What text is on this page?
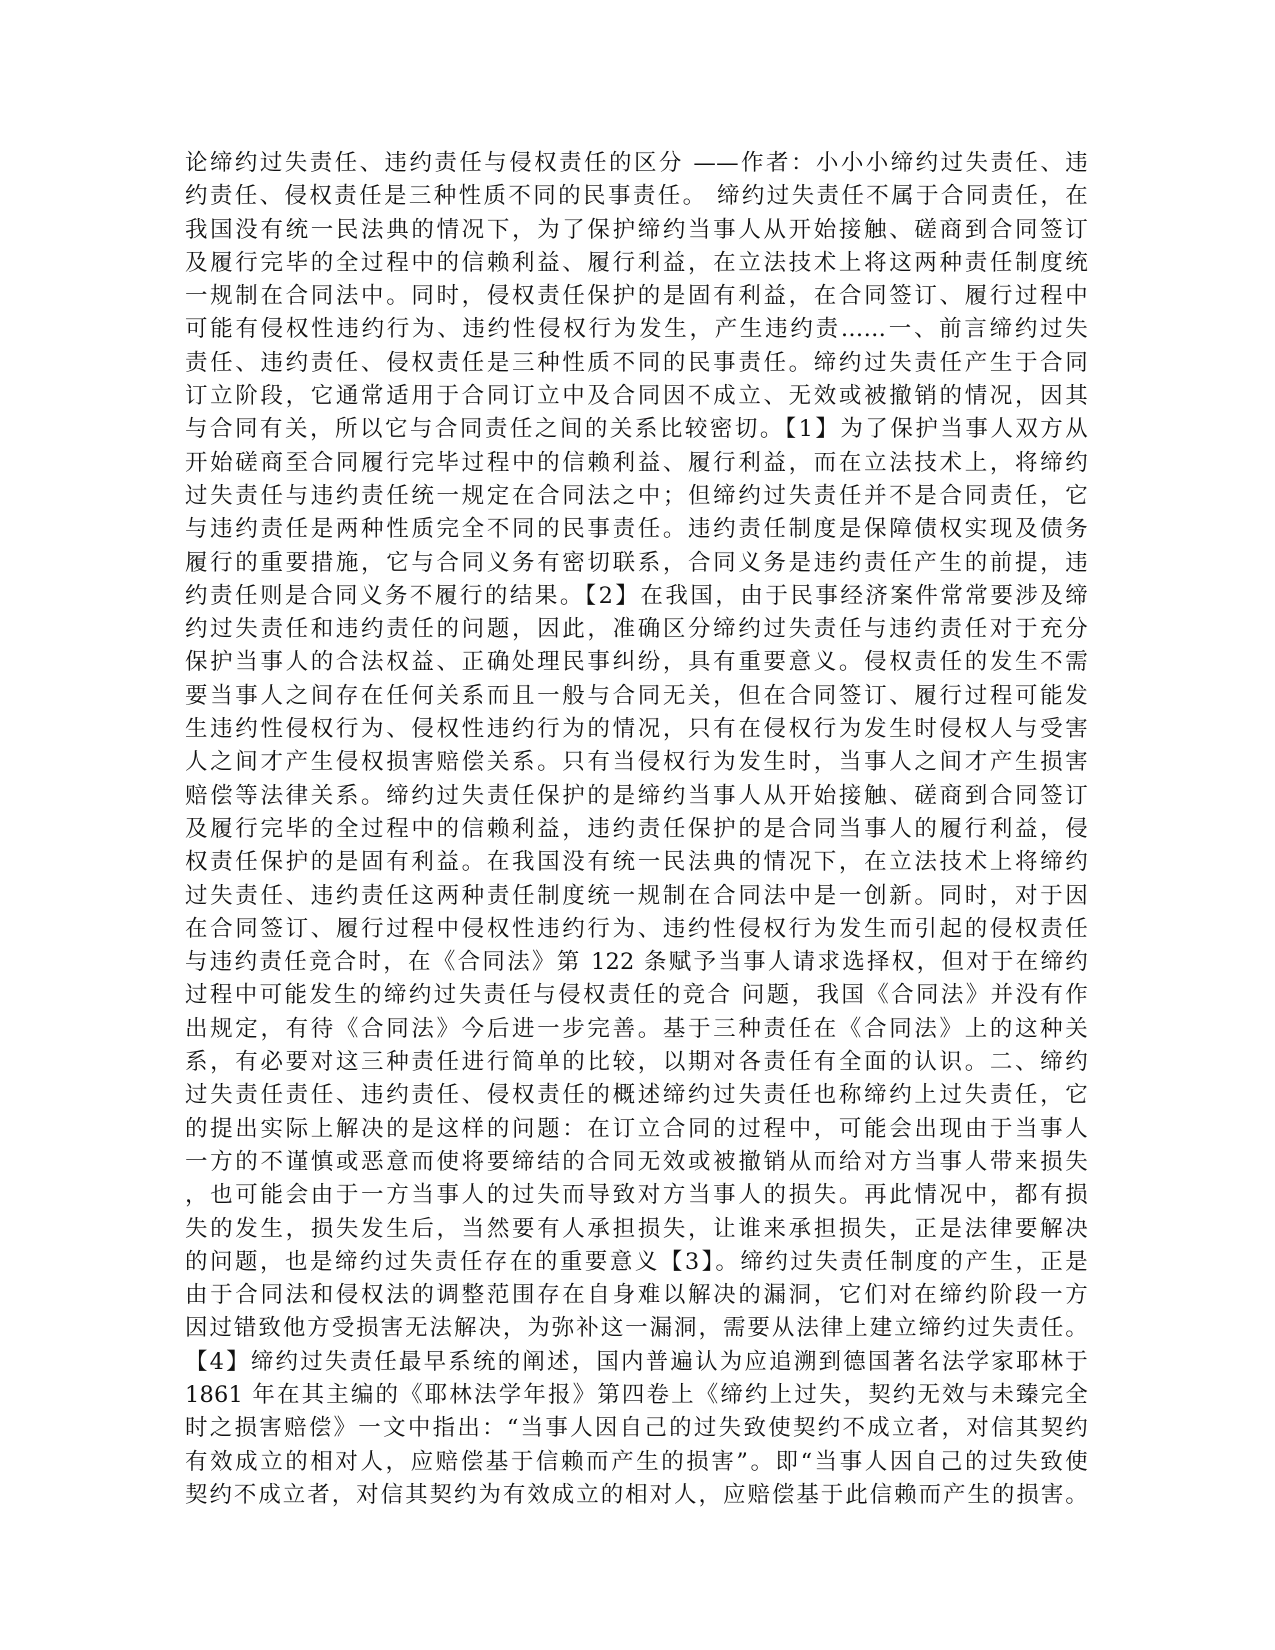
论缔约过失责任、违约责任与侵权责任的区分 ——作者：小小小缔约过失责任、违
约责任、侵权责任是三种性质不同的民事责任。 缔约过失责任不属于合同责任，在
我国没有统一民法典的情况下，为了保护缔约当事人从开始接触、磋商到合同签订
及履行完毕的全过程中的信赖利益、履行利益，在立法技术上将这两种责任制度统
一规制在合同法中。同时，侵权责任保护的是固有利益，在合同签订、履行过程中
可能有侵权性违约行为、违约性侵权行为发生，产生违约责……一、前言缔约过失
责任、违约责任、侵权责任是三种性质不同的民事责任。缔约过失责任产生于合同
订立阶段，它通常适用于合同订立中及合同因不成立、无效或被撤销的情况，因其
与合同有关，所以它与合同责任之间的关系比较密切。【1】为了保护当事人双方从
开始磋商至合同履行完毕过程中的信赖利益、履行利益，而在立法技术上，将缔约
过失责任与违约责任统一规定在合同法之中；但缔约过失责任并不是合同责任，它
与违约责任是两种性质完全不同的民事责任。违约责任制度是保障债权实现及债务
履行的重要措施，它与合同义务有密切联系，合同义务是违约责任产生的前提，违
约责任则是合同义务不履行的结果。【2】在我国，由于民事经济案件常常要涉及缔
约过失责任和违约责任的问题，因此，准确区分缔约过失责任与违约责任对于充分
保护当事人的合法权益、正确处理民事纠纷，具有重要意义。侵权责任的发生不需
要当事人之间存在任何关系而且一般与合同无关，但在合同签订、履行过程可能发
生违约性侵权行为、侵权性违约行为的情况，只有在侵权行为发生时侵权人与受害
人之间才产生侵权损害赔偿关系。只有当侵权行为发生时，当事人之间才产生损害
赔偿等法律关系。缔约过失责任保护的是缔约当事人从开始接触、磋商到合同签订
及履行完毕的全过程中的信赖利益，违约责任保护的是合同当事人的履行利益，侵
权责任保护的是固有利益。在我国没有统一民法典的情况下，在立法技术上将缔约
过失责任、违约责任这两种责任制度统一规制在合同法中是一创新。同时，对于因
在合同签订、履行过程中侵权性违约行为、违约性侵权行为发生而引起的侵权责任
与违约责任竞合时，在《合同法》第 122 条赋予当事人请求选择权，但对于在缔约
过程中可能发生的缔约过失责任与侵权责任的竞合 问题，我国《合同法》并没有作
出规定，有待《合同法》今后进一步完善。基于三种责任在《合同法》上的这种关
系，有必要对这三种责任进行简单的比较，以期对各责任有全面的认识。二、缔约
过失责任责任、违约责任、侵权责任的概述缔约过失责任也称缔约上过失责任，它
的提出实际上解决的是这样的问题：在订立合同的过程中，可能会出现由于当事人
一方的不谨慎或恶意而使将要缔结的合同无效或被撤销从而给对方当事人带来损失
，也可能会由于一方当事人的过失而导致对方当事人的损失。再此情况中，都有损
失的发生，损失发生后，当然要有人承担损失，让谁来承担损失，正是法律要解决
的问题，也是缔约过失责任存在的重要意义【3】。缔约过失责任制度的产生，正是
由于合同法和侵权法的调整范围存在自身难以解决的漏洞，它们对在缔约阶段一方
因过错致他方受损害无法解决，为弥补这一漏洞，需要从法律上建立缔约过失责任。
【4】缔约过失责任最早系统的阐述，国内普遍认为应追溯到德国著名法学家耶林于
1861 年在其主编的《耶林法学年报》第四卷上《缔约上过失，契约无效与未臻完全
时之损害赔偿》一文中指出：“当事人因自己的过失致使契约不成立者，对信其契约
有效成立的相对人，应赔偿基于信赖而产生的损害”。即“当事人因自己的过失致使
契约不成立者，对信其契约为有效成立的相对人，应赔偿基于此信赖而产生的损害。
